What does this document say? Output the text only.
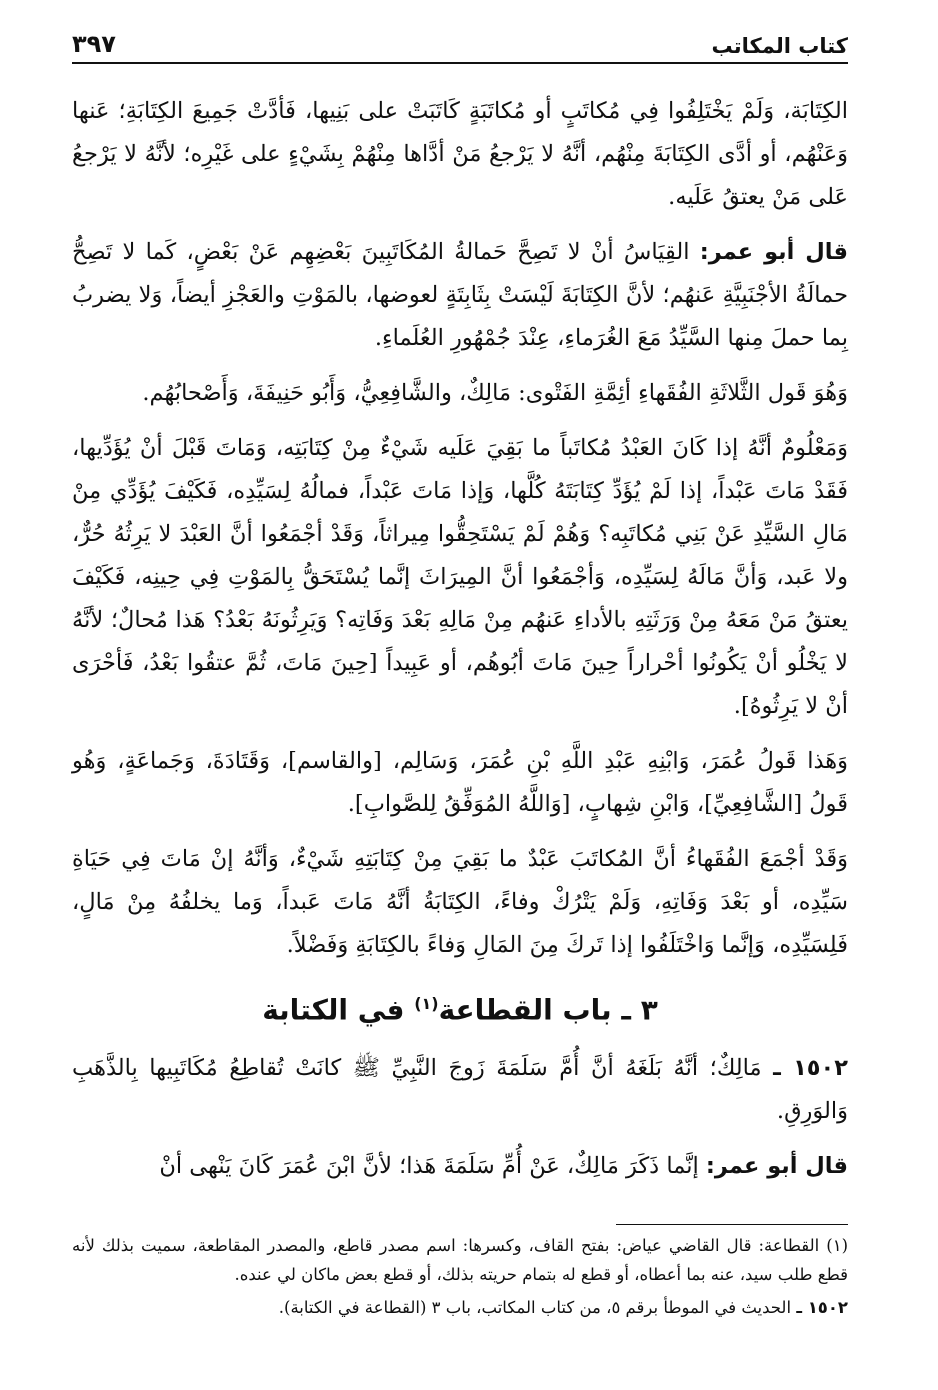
كتاب المكاتب
٣٩٧

الكِتَابَة، وَلَمْ يَخْتَلِفُوا فِي مُكاتَبٍ أو مُكاتَبَةٍ كَاتَبَتْ على بَنِيها، فَأدَّتْ جَمِيعَ الكِتَابَةِ؛ عَنها وَعَنْهُم، أو أدَّى الكِتَابَةَ مِنْهُم، أنَّهُ لا يَرْجعُ مَنْ أدَّاها مِنْهُمْ بِشَيْءٍ على غَيْرِه؛ لأنَّهُ لا يَرْجعُ عَلى مَنْ يعتقُ عَلَيه.

قال أبو عمر: القِيَاسُ أنْ لا تَصِحَّ حَمالةُ المُكَاتَبِينَ بَعْضِهِم عَنْ بَعْضٍ، كَما لا تَصِحُّ حمالَةُ الأجْنَبِيَّةِ عَنهُم؛ لأنَّ الكِتَابَةَ لَيْسَتْ بِثَابِتَةٍ لعوضها، بالمَوْتِ والعَجْزِ أيضاً، وَلا يضربُ بِما حملَ مِنها السَّيِّدُ مَعَ الغُرَماءِ، عِنْدَ جُمْهُورِ العُلَماءِ.

وَهُوَ قَول الثَّلاثَةِ الفُقَهاءِ أئِمَّةِ الفَتْوى: مَالِكٌ، والشَّافِعِيُّ، وَأَبُو حَنِيفَةَ، وَأَصْحابُهُم.

وَمَعْلُومٌ أنَّهُ إذا كَانَ العَبْدُ مُكاتَباً ما بَقِيَ عَلَيه شَيْءٌ مِنْ كِتَابَتِه، وَمَاتَ قَبْلَ أنْ يُؤَدِّيها، فَقَدْ مَاتَ عَبْداً، إذا لَمْ يُؤَدِّ كِتَابَتَهُ كُلَّها، وَإذا مَاتَ عَبْداً، فمالُهُ لِسَيِّدِه، فَكَيْفَ يُؤَدِّي مِنْ مَالِ السَّيِّدِ عَنْ بَنِي مُكاتَبِه؟ وَهُمْ لَمْ يَسْتَحِقُّوا مِيراثاً، وَقَدْ أجْمَعُوا أنَّ العَبْدَ لا يَرِثُهُ حُرٌّ، ولا عَبد، وَأنَّ مَالَهُ لِسَيِّدِه، وَأجْمَعُوا أنَّ المِيرَاثَ إنَّما يُسْتَحَقُّ بِالمَوْتِ فِي حِينِه، فَكَيْفَ يعتقُ مَنْ مَعَهُ مِنْ وَرَثَتِهِ بالأداءِ عَنهُم مِنْ مَالِهِ بَعْدَ وَفَاتِه؟ وَيَرِثُونَهُ بَعْدُ؟ هَذا مُحالٌ؛ لأنَّهُ لا يَخْلُو أنْ يَكُونُوا أحْراراً حِينَ مَاتَ أبُوهُم، أو عَبِيداً [حِينَ مَاتَ، ثُمَّ عتقُوا بَعْدُ، فَأحْرَى أنْ لا يَرِثُوهُ].

وَهَذا قَولُ عُمَرَ، وَابْنِهِ عَبْدِ اللَّهِ بْنِ عُمَرَ، وَسَالِم، [والقاسم]، وَقَتَادَةَ، وَجَماعَةٍ، وَهُو قَولُ [الشَّافِعِيِّ]، وَابْنِ شِهابٍ، [وَاللَّهُ المُوَفِّقُ لِلصَّوابِ].

وَقَدْ أجْمَعَ الفُقَهاءُ أنَّ المُكاتَبَ عَبْدٌ ما بَقِيَ مِنْ كِتَابَتِهِ شَيْءٌ، وَأنَّهُ إنْ مَاتَ فِي حَيَاةِ سَيِّدِه، أو بَعْدَ وَفَاتِهِ، وَلَمْ يَتْرُكْ وفاءً، الكِتَابَةُ أنَّهُ مَاتَ عَبداً، وَما يخلفُهُ مِنْ مَالٍ، فَلِسَيِّدِه، وَإنَّما وَاخْتَلَفُوا إذا تَركَ مِنَ المَالِ وَفاءً بالكِتَابَةِ وَفَضْلاً.

٣ ـ باب القطاعة$^{(١)}$ في الكتابة

١٥٠٢ ـ مَالِكٌ؛ أنَّهُ بَلَغَهُ أنَّ أُمَّ سَلَمَةَ زَوجَ النَّبِيِّ ﷺ كانَتْ تُقاطِعُ مُكَاتَبِيها بِالذَّهَبِ وَالوَرِقِ.

قال أبو عمر: إنَّما ذَكَرَ مَالِكٌ، عَنْ أُمِّ سَلَمَةَ هَذا؛ لأنَّ ابْنَ عُمَرَ كَانَ يَنْهى أنْ

(١) القطاعة: قال القاضي عياض: بفتح القاف، وكسرها: اسم مصدر قاطع، والمصدر المقاطعة، سميت بذلك لأنه قطع طلب سيد، عنه بما أعطاه، أو قطع له بتمام حريته بذلك، أو قطع بعض ماكان لي عنده.

١٥٠٢ ـ الحديث في الموطأ برقم ٥، من كتاب المكاتب، باب ٣ (القطاعة في الكتابة).
